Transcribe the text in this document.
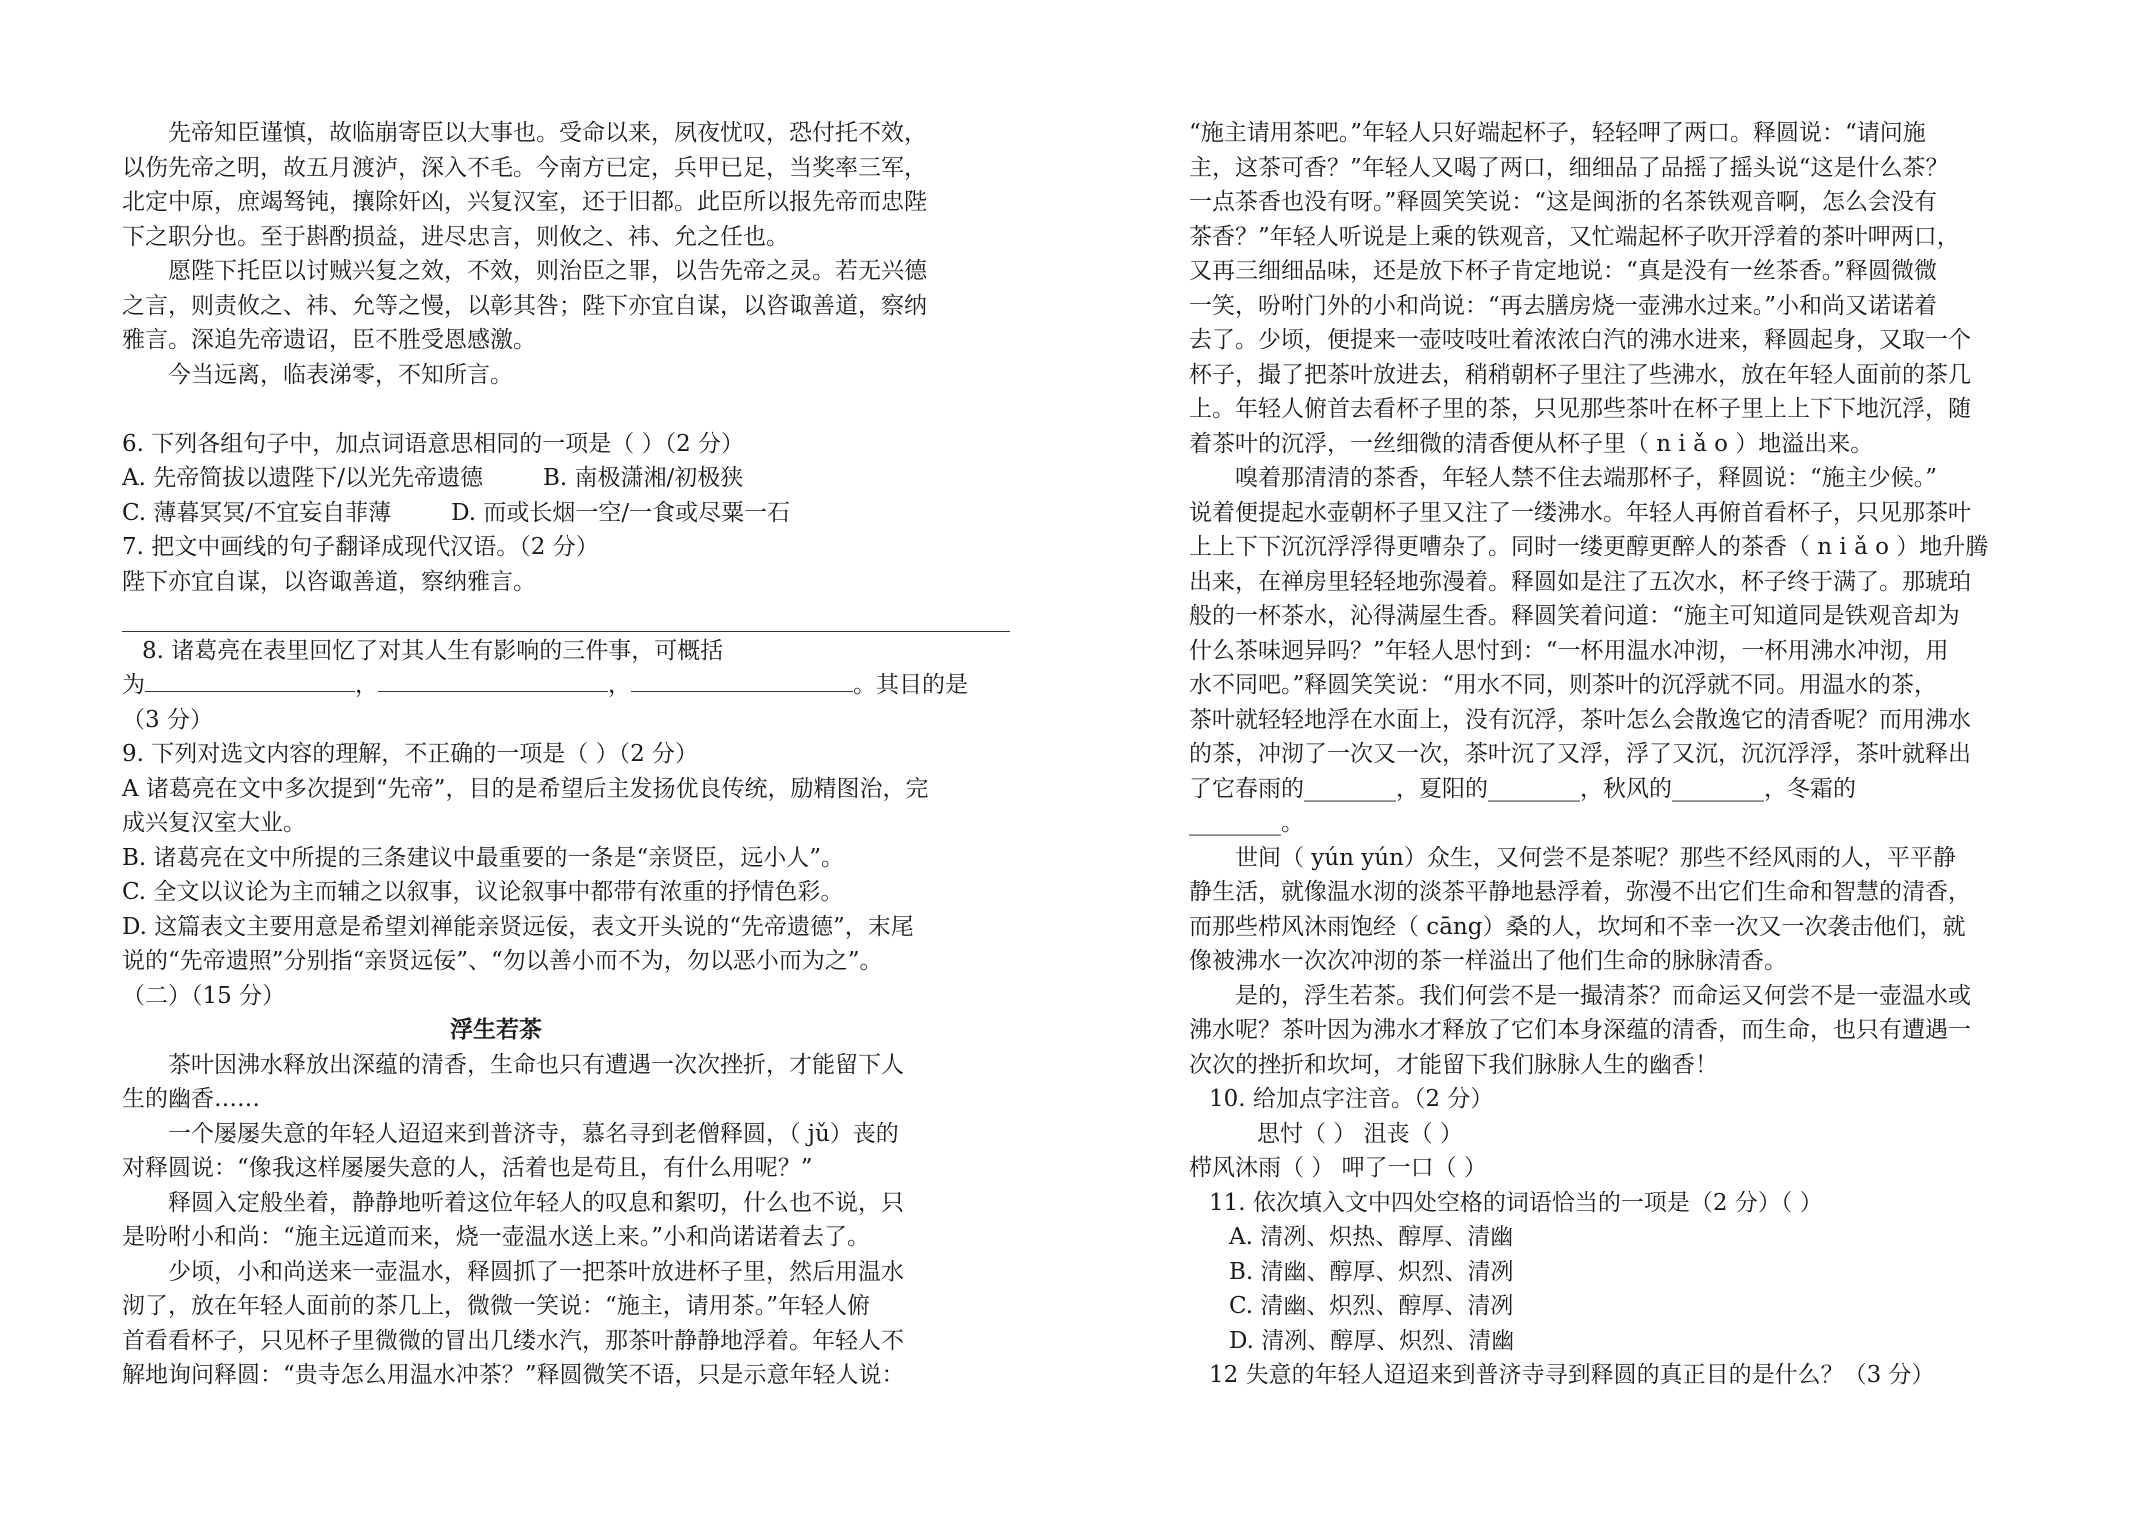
先帝知臣谨慎，故临崩寄臣以大事也。受命以来，夙夜忧叹，恐付托不效，
以伤先帝之明，故五月渡泸，深入不毛。今南方已定，兵甲已足，当奖率三军，
北定中原，庶竭驽钝，攘除奸凶，兴复汉室，还于旧都。此臣所以报先帝而忠陛
下之职分也。至于斟酌损益，进尽忠言，则攸之、祎、允之任也。
愿陛下托臣以讨贼兴复之效，不效，则治臣之罪，以告先帝之灵。若无兴德
之言，则责攸之、祎、允等之慢，以彰其咎；陛下亦宜自谋，以咨诹善道，察纳
雅言。深追先帝遗诏，臣不胜受恩感激。
今当远离，临表涕零，不知所言。
6. 下列各组句子中，加点词语意思相同的一项是（ ）（2 分）
A. 先帝简拔以遗陛下/以光先帝遗德	B. 南极潇湘/初极狭
C. 薄暮冥冥/不宜妄自菲薄	D. 而或长烟一空/一食或尽粟一石
7. 把文中画线的句子翻译成现代汉语。（2 分）
陛下亦宜自谋，以咨诹善道，察纳雅言。
8. 诸葛亮在表里回忆了对其人生有影响的三件事，可概括
为	，	，	。其目的是
（3 分）
9. 下列对选文内容的理解，不正确的一项是（ ）（2 分）
A 诸葛亮在文中多次提到“先帝”，目的是希望后主发扬优良传统，励精图治，完
成兴复汉室大业。
B. 诸葛亮在文中所提的三条建议中最重要的一条是“亲贤臣，远小人”。
C. 全文以议论为主而辅之以叙事，议论叙事中都带有浓重的抒情色彩。
D. 这篇表文主要用意是希望刘禅能亲贤远佞，表文开头说的“先帝遗德”，末尾
说的“先帝遗照”分别指“亲贤远佞”、“勿以善小而不为，勿以恶小而为之”。
（二）（15 分）
浮生若茶
茶叶因沸水释放出深蕴的清香，生命也只有遭遇一次次挫折，才能留下人
生的幽香……
一个屡屡失意的年轻人迢迢来到普济寺，慕名寻到老僧释圆，（ jǔ）丧的
对释圆说：“像我这样屡屡失意的人，活着也是苟且，有什么用呢？”
释圆入定般坐着，静静地听着这位年轻人的叹息和絮叨，什么也不说，只
是吩咐小和尚：“施主远道而来，烧一壶温水送上来。”小和尚诺诺着去了。
少顷，小和尚送来一壶温水，释圆抓了一把茶叶放进杯子里，然后用温水
沏了，放在年轻人面前的茶几上，微微一笑说：“施主，请用茶。”年轻人俯
首看看杯子，只见杯子里微微的冒出几缕水汽，那茶叶静静地浮着。年轻人不
解地询问释圆：“贵寺怎么用温水冲茶？”释圆微笑不语，只是示意年轻人说：
“施主请用茶吧。”年轻人只好端起杯子，轻轻呷了两口。释圆说：“请问施
主，这茶可香？”年轻人又喝了两口，细细品了品摇了摇头说“这是什么茶？
一点茶香也没有呀。”释圆笑笑说：“这是闽浙的名茶铁观音啊，怎么会没有
茶香？”年轻人听说是上乘的铁观音，又忙端起杯子吹开浮着的茶叶呷两口，
又再三细细品味，还是放下杯子肯定地说：“真是没有一丝茶香。”释圆微微
一笑，吩咐门外的小和尚说：“再去膳房烧一壶沸水过来。”小和尚又诺诺着
去了。少顷，便提来一壶吱吱吐着浓浓白汽的沸水进来，释圆起身，又取一个
杯子，撮了把茶叶放进去，稍稍朝杯子里注了些沸水，放在年轻人面前的茶几
上。年轻人俯首去看杯子里的茶，只见那些茶叶在杯子里上上下下地沉浮，随
着茶叶的沉浮，一丝细微的清香便从杯子里（ n i ǎ o ）地溢出来。
嗅着那清清的茶香，年轻人禁不住去端那杯子，释圆说：“施主少候。”
说着便提起水壶朝杯子里又注了一缕沸水。年轻人再俯首看杯子，只见那茶叶
上上下下沉沉浮浮得更嘈杂了。同时一缕更醇更醉人的茶香（ n i ǎ o ）地升腾
出来，在禅房里轻轻地弥漫着。释圆如是注了五次水，杯子终于满了。那琥珀
般的一杯茶水，沁得满屋生香。释圆笑着问道：“施主可知道同是铁观音却为
什么茶味迥异吗？”年轻人思忖到：“一杯用温水冲沏，一杯用沸水冲沏，用
水不同吧。”释圆笑笑说：“用水不同，则茶叶的沉浮就不同。用温水的茶，
茶叶就轻轻地浮在水面上，没有沉浮，茶叶怎么会散逸它的清香呢？而用沸水
的茶，冲沏了一次又一次，茶叶沉了又浮，浮了又沉，沉沉浮浮，茶叶就释出
了它春雨的________，夏阳的________，秋风的________，冬霜的
________。
世间（ yún yún）众生，又何尝不是茶呢？那些不经风雨的人，平平静
静生活，就像温水沏的淡茶平静地悬浮着，弥漫不出它们生命和智慧的清香，
而那些栉风沐雨饱经（ cāng）桑的人，坎坷和不幸一次又一次袭击他们，就
像被沸水一次次冲沏的茶一样溢出了他们生命的脉脉清香。
是的，浮生若茶。我们何尝不是一撮清茶？而命运又何尝不是一壶温水或
沸水呢？茶叶因为沸水才释放了它们本身深蕴的清香，而生命，也只有遭遇一
次次的挫折和坎坷，才能留下我们脉脉人生的幽香！
10. 给加点字注音。（2 分）
思忖（ ） 沮丧（ ）
栉风沐雨（ ） 呷了一口（ ）
11. 依次填入文中四处空格的词语恰当的一项是（2 分）（ ）
A. 清冽、炽热、醇厚、清幽
B. 清幽、醇厚、炽烈、清冽
C. 清幽、炽烈、醇厚、清冽
D. 清冽、醇厚、炽烈、清幽
12 失意的年轻人迢迢来到普济寺寻到释圆的真正目的是什么？（3 分）
